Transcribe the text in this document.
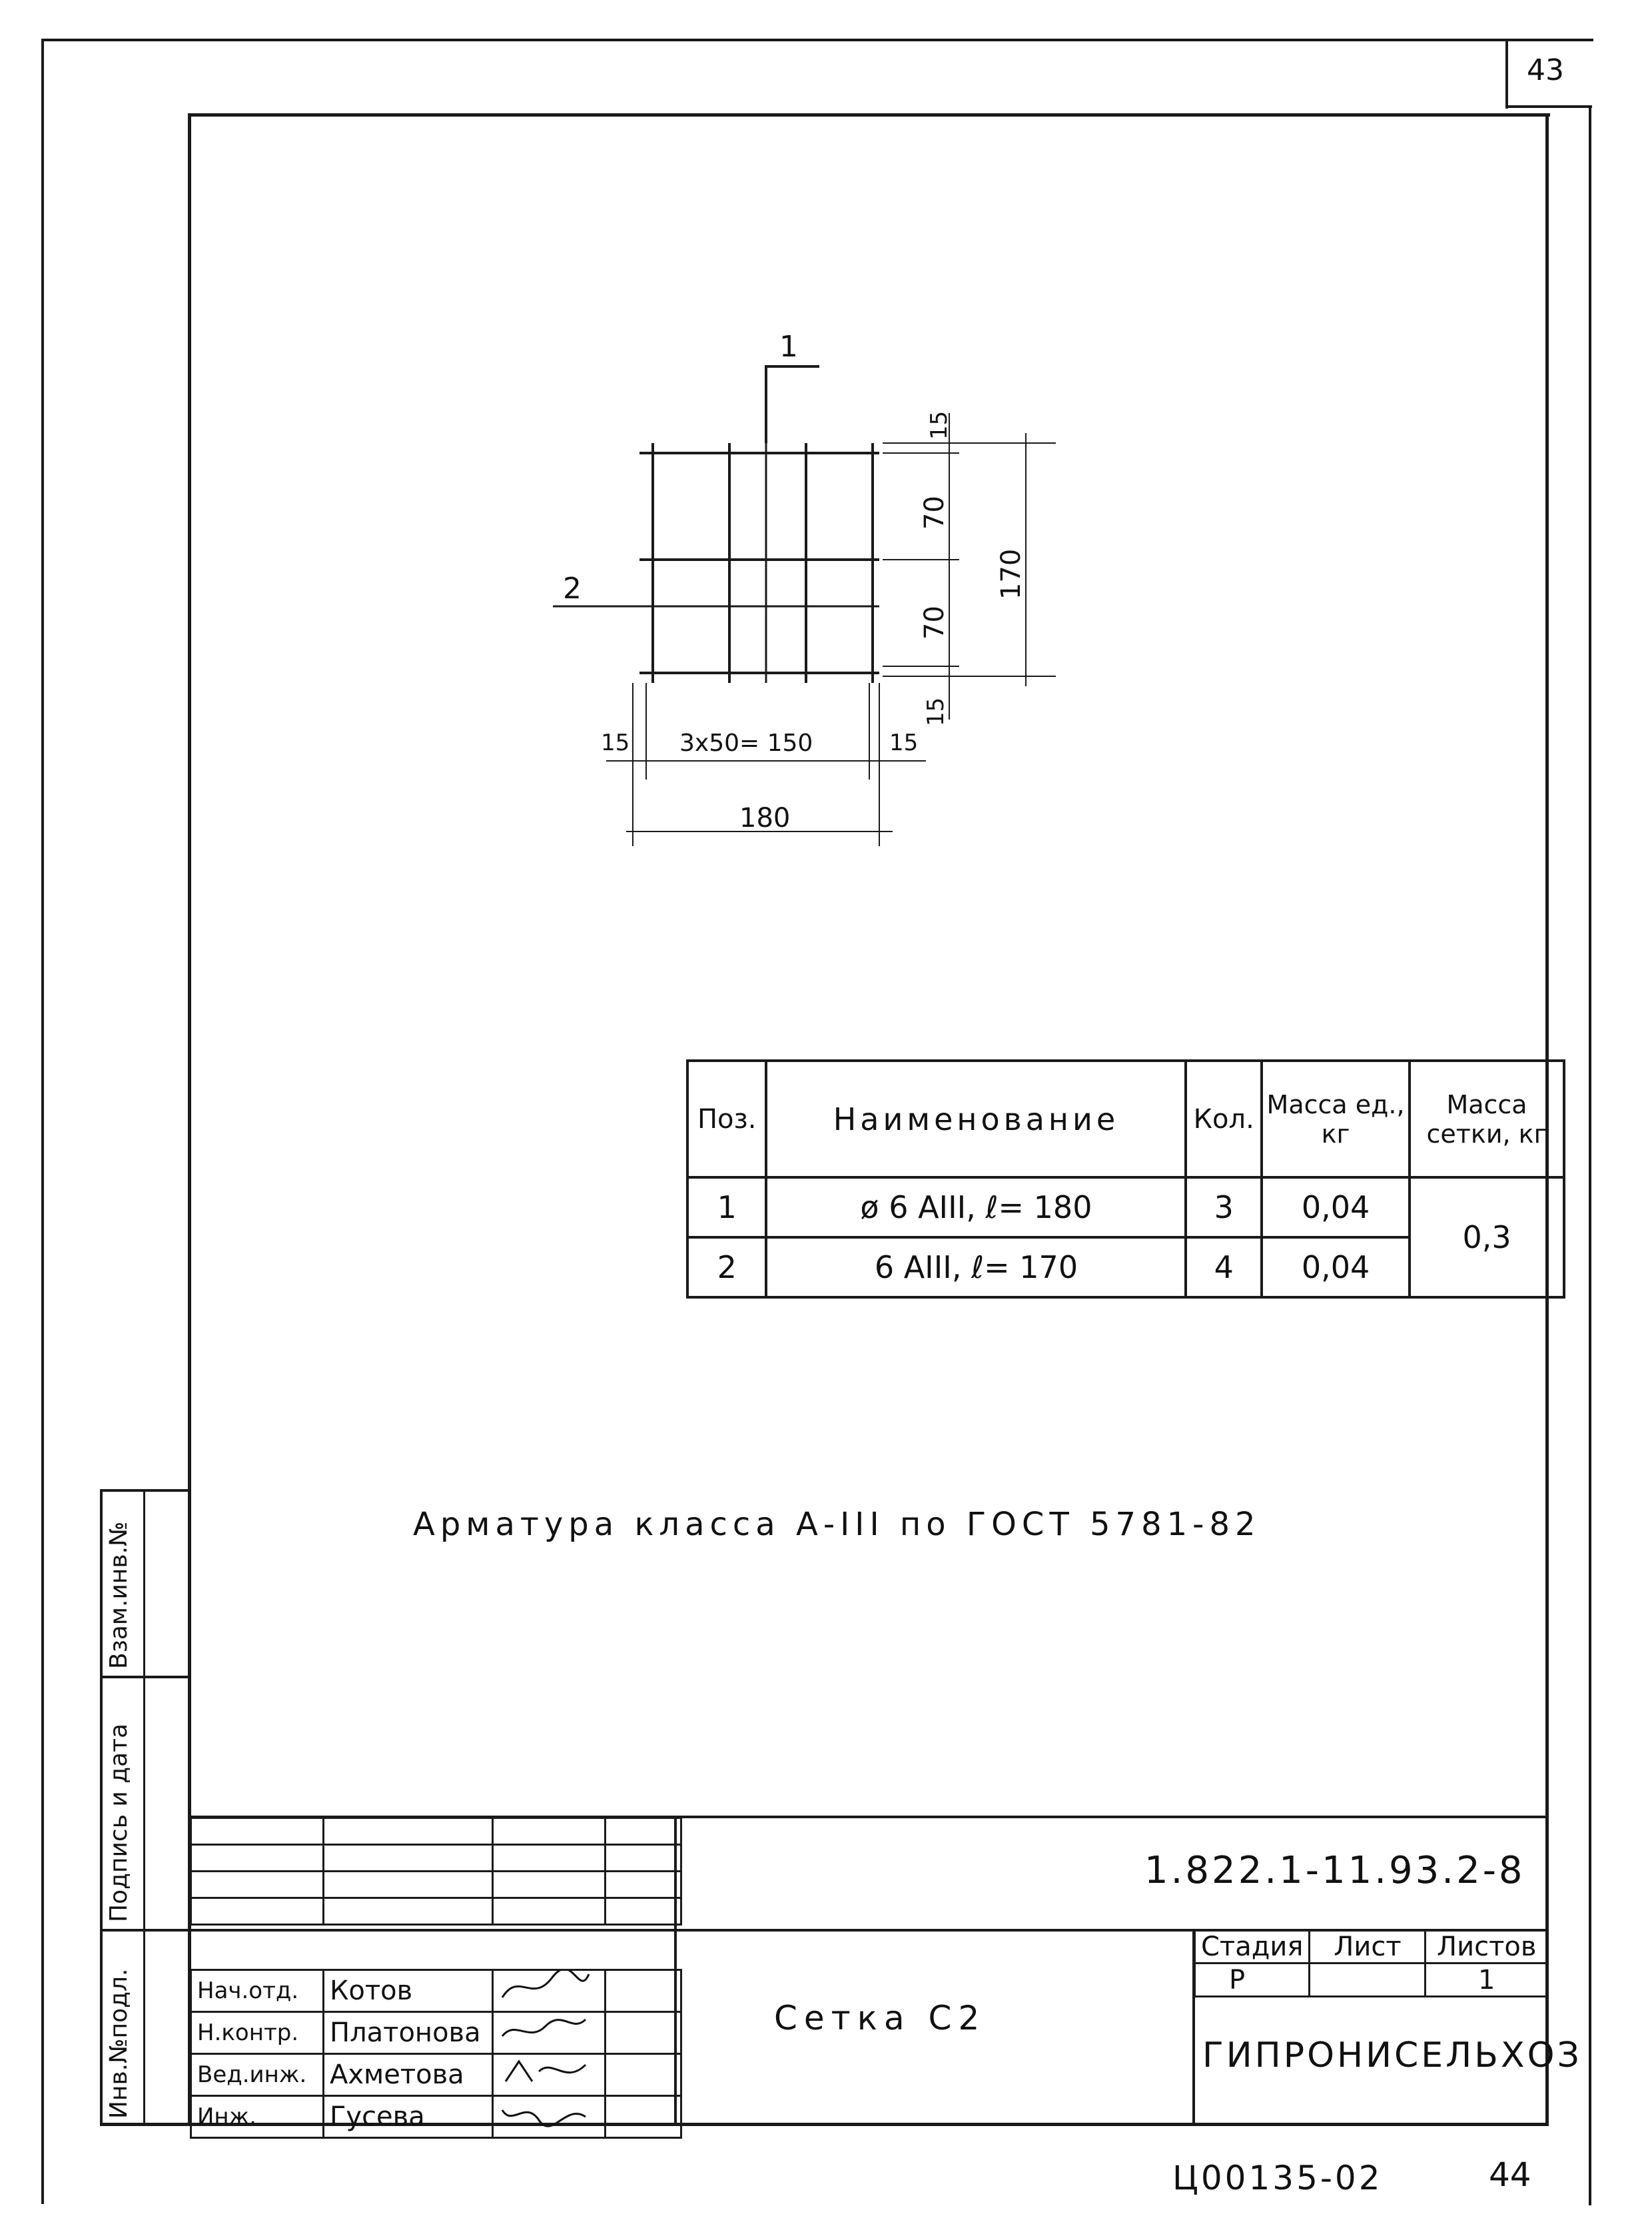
43
1
2
15
70
70
170
15
15 3x50= 150	15
180
Поз.	Наименование	Кол.	Масса ед., кг	Масса сетки, кг
1	ø 6 AIII, ℓ= 180	3	0,04	0,3
2	6 AIII, ℓ= 170	4	0,04	
Арматура класса А-III по ГОСТ 5781-82
Инв.№подл.
Подпись и дата
Взам.инв.№
1.822.1-11.93.2-8
Сетка С2
Стадия	Лист	Листов
Р		1
ГИПРОНИСЕЛЬХОЗ

Нач.отд.	Котов		
Н.контр.	Платонова		
Вед.инж.	Ахметова		
Инж.	Гусева		
Ц00135-02	44
